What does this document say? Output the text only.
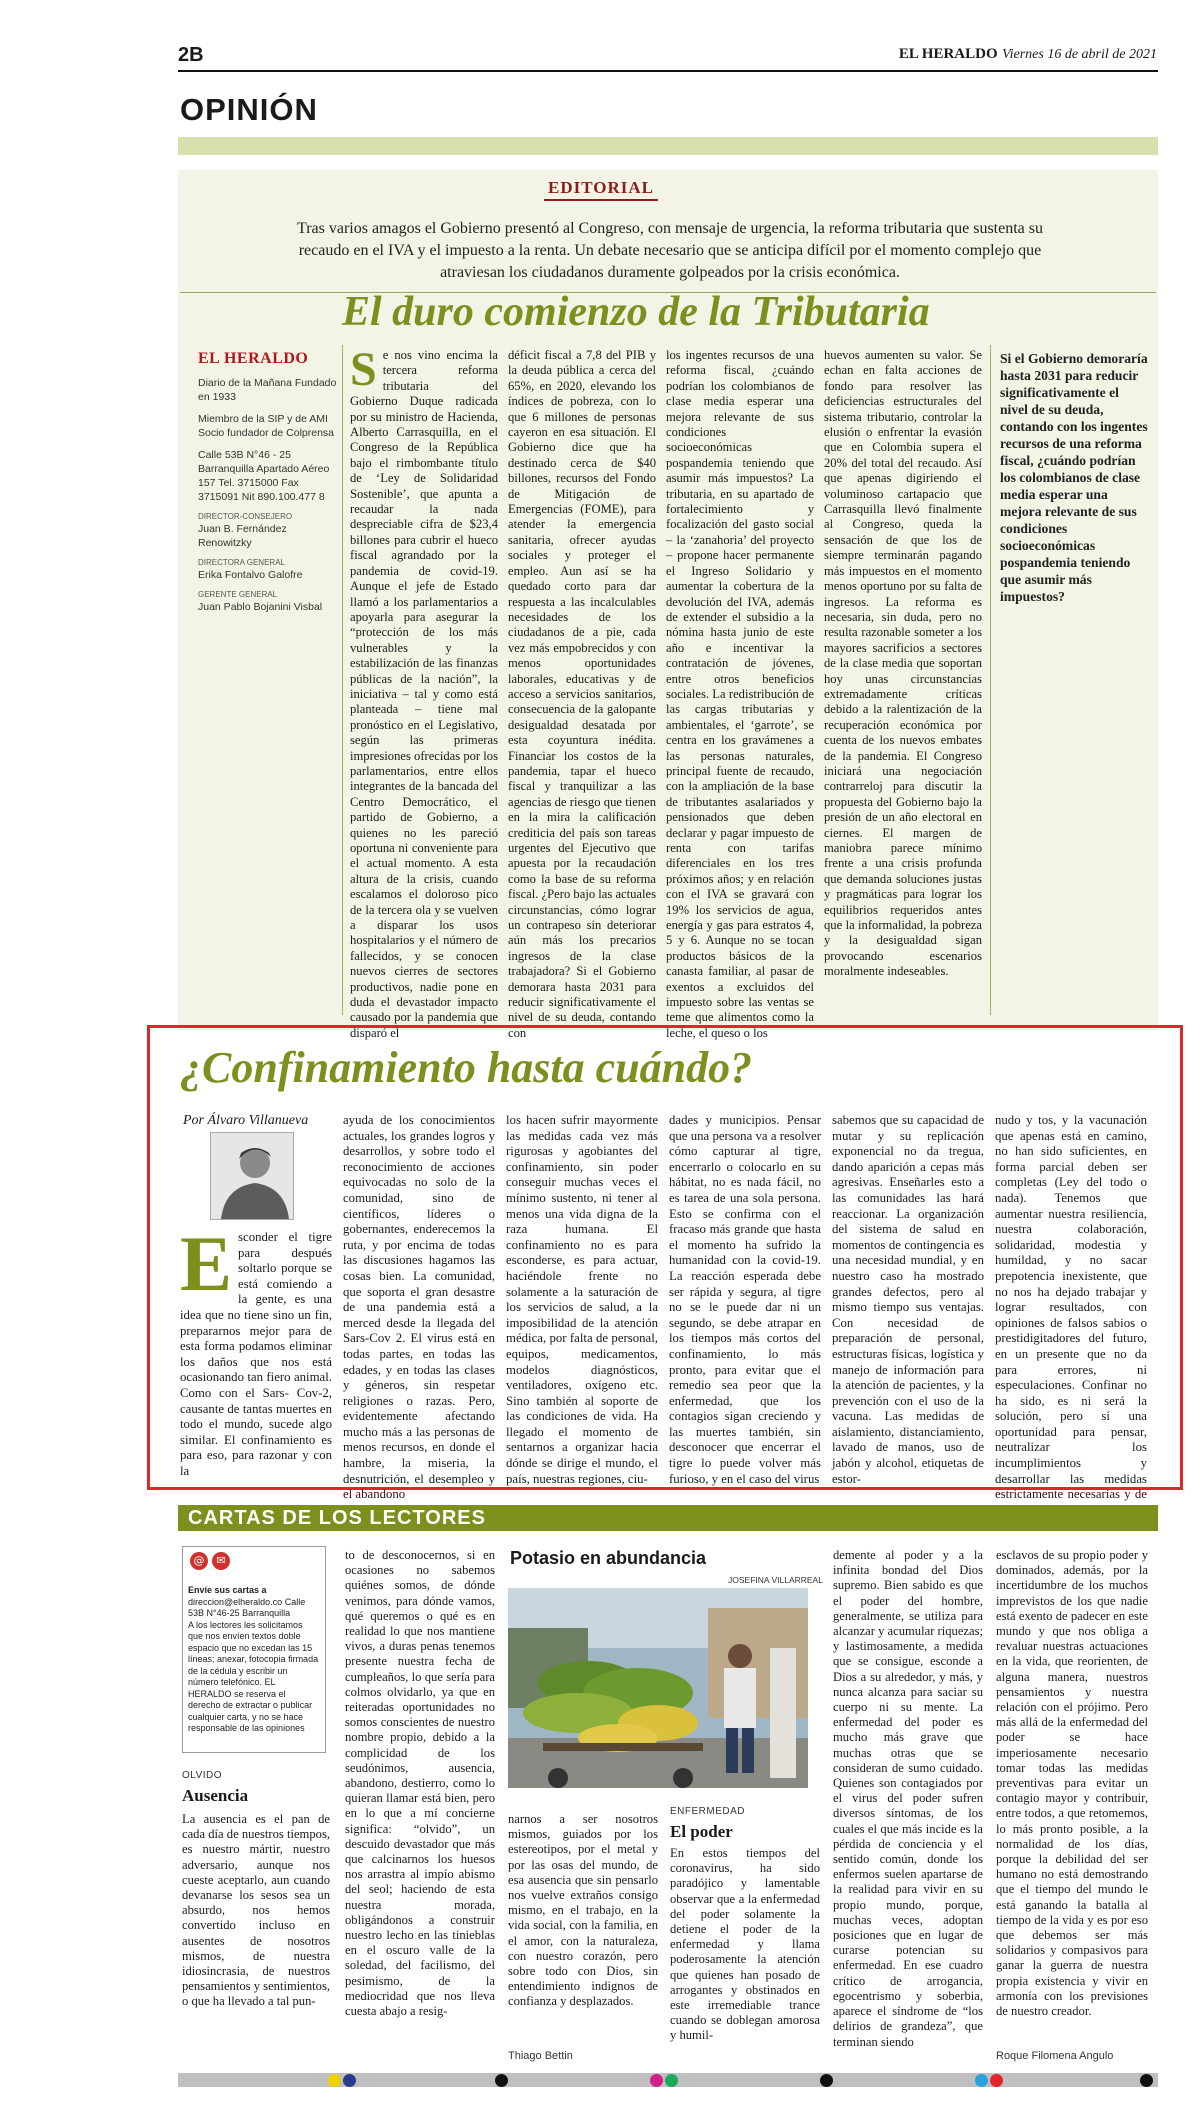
2B	EL HERALDO Viernes 16 de abril de 2021
OPINIÓN
EDITORIAL
Tras varios amagos el Gobierno presentó al Congreso, con mensaje de urgencia, la reforma tributaria que sustenta su recaudo en el IVA y el impuesto a la renta. Un debate necesario que se anticipa difícil por el momento complejo que atraviesan los ciudadanos duramente golpeados por la crisis económica.
El duro comienzo de la Tributaria
EL HERALDO

Diario de la Mañana Fundado en 1933

Miembro de la SIP y de AMI Socio fundador de Colprensa

Calle 53B N°46 - 25 Barranquilla Apartado Aéreo 157 Tel. 3715000 Fax 3715091 Nit 890.100.477 8

DIRECTOR-CONSEJERO

Juan B. Fernández Renowitzky

DIRECTORA GENERAL

Erika Fontalvo Galofre

GERENTE GENERAL

Juan Pablo Bojanini Visbal

Se nos vino encima la tercera reforma tributaria del Gobierno Duque radicada por su ministro de Hacienda, Alberto Carrasquilla, en el Congreso de la República bajo el rimbombante título de ‘Ley de Solidaridad Sostenible’, que apunta a recaudar la nada despreciable cifra de $23,4 billones para cubrir el hueco fiscal agrandado por la pandemia de covid-19. Aunque el jefe de Estado llamó a los parlamentarios a apoyarla para asegurar la “protección de los más vulnerables y la estabilización de las finanzas públicas de la nación”, la iniciativa – tal y como está planteada – tiene mal pronóstico en el Legislativo, según las primeras impresiones ofrecidas por los parlamentarios, entre ellos integrantes de la bancada del Centro Democrático, el partido de Gobierno, a quienes no les pareció oportuna ni conveniente para el actual momento. A esta altura de la crisis, cuando escalamos el doloroso pico de la tercera ola y se vuelven a disparar los usos hospitalarios y el número de fallecidos, y se conocen nuevos cierres de sectores productivos, nadie pone en duda el devastador impacto causado por la pandemia que disparó el
déficit fiscal a 7,8 del PIB y la deuda pública a cerca del 65%, en 2020, elevando los índices de pobreza, con lo que 6 millones de personas cayeron en esa situación. El Gobierno dice que ha destinado cerca de $40 billones, recursos del Fondo de Mitigación de Emergencias (FOME), para atender la emergencia sanitaria, ofrecer ayudas sociales y proteger el empleo. Aun así se ha quedado corto para dar respuesta a las incalculables necesidades de los ciudadanos de a pie, cada vez más empobrecidos y con menos oportunidades laborales, educativas y de acceso a servicios sanitarios, consecuencia de la galopante desigualdad desatada por esta coyuntura inédita. Financiar los costos de la pandemia, tapar el hueco fiscal y tranquilizar a las agencias de riesgo que tienen en la mira la calificación crediticia del país son tareas urgentes del Ejecutivo que apuesta por la recaudación como la base de su reforma fiscal. ¿Pero bajo las actuales circunstancias, cómo lograr un contrapeso sin deteriorar aún más los precarios ingresos de la clase trabajadora? Si el Gobierno demorara hasta 2031 para reducir significativamente el nivel de su deuda, contando con
los ingentes recursos de una reforma fiscal, ¿cuándo podrían los colombianos de clase media esperar una mejora relevante de sus condiciones socioeconómicas pospandemia teniendo que asumir más impuestos? La tributaria, en su apartado de fortalecimiento y focalización del gasto social – la ‘zanahoria’ del proyecto – propone hacer permanente el Ingreso Solidario y aumentar la cobertura de la devolución del IVA, además de extender el subsidio a la nómina hasta junio de este año e incentivar la contratación de jóvenes, entre otros beneficios sociales. La redistribución de las cargas tributarias y ambientales, el ‘garrote’, se centra en los gravámenes a las personas naturales, principal fuente de recaudo, con la ampliación de la base de tributantes asalariados y pensionados que deben declarar y pagar impuesto de renta con tarifas diferenciales en los tres próximos años; y en relación con el IVA se gravará con 19% los servicios de agua, energía y gas para estratos 4, 5 y 6. Aunque no se tocan productos básicos de la canasta familiar, al pasar de exentos a excluidos del impuesto sobre las ventas se teme que alimentos como la leche, el queso o los
huevos aumenten su valor. Se echan en falta acciones de fondo para resolver las deficiencias estructurales del sistema tributario, controlar la elusión o enfrentar la evasión que en Colombia supera el 20% del total del recaudo. Así que apenas digiriendo el voluminoso cartapacio que Carrasquilla llevó finalmente al Congreso, queda la sensación de que los de siempre terminarán pagando más impuestos en el momento menos oportuno por su falta de ingresos. La reforma es necesaria, sin duda, pero no resulta razonable someter a los mayores sacrificios a sectores de la clase media que soportan hoy unas circunstancias extremadamente críticas debido a la ralentización de la recuperación económica por cuenta de los nuevos embates de la pandemia. El Congreso iniciará una negociación contrarreloj para discutir la propuesta del Gobierno bajo la presión de un año electoral en ciernes. El margen de maniobra parece mínimo frente a una crisis profunda que demanda soluciones justas y pragmáticas para lograr los equilibrios requeridos antes que la informalidad, la pobreza y la desigualdad sigan provocando escenarios moralmente indeseables.
Si el Gobierno demoraría hasta 2031 para reducir significativamente el nivel de su deuda, contando con los ingentes recursos de una reforma fiscal, ¿cuándo podrían los colombianos de clase media esperar una mejora relevante de sus condiciones socioeconómicas pospandemia teniendo que asumir más impuestos?
¿Confinamiento hasta cuándo?
Por Álvaro Villanueva
Esconder el tigre para después soltarlo porque se está comiendo a la gente, es una idea que no tiene sino un fin, prepararnos mejor para de esta forma podamos eliminar los daños que nos está ocasionando tan fiero animal. Como con el Sars- Cov-2, causante de tantas muertes en todo el mundo, sucede algo similar. El confinamiento es para eso, para razonar y con la
ayuda de los conocimientos actuales, los grandes logros y desarrollos, y sobre todo el reconocimiento de acciones equivocadas no solo de la comunidad, sino de científicos, líderes o gobernantes, enderecemos la ruta, y por encima de todas las discusiones hagamos las cosas bien. La comunidad, que soporta el gran desastre de una pandemia está a merced desde la llegada del Sars-Cov 2. El virus está en todas partes, en todas las edades, y en todas las clases y géneros, sin respetar religiones o razas. Pero, evidentemente afectando mucho más a las personas de menos recursos, en donde el hambre, la miseria, la desnutrición, el desempleo y el abandono
los hacen sufrir mayormente las medidas cada vez más rigurosas y agobiantes del confinamiento, sin poder conseguir muchas veces el mínimo sustento, ni tener al menos una vida digna de la raza humana. El confinamiento no es para esconderse, es para actuar, haciéndole frente no solamente a la saturación de los servicios de salud, a la imposibilidad de la atención médica, por falta de personal, equipos, medicamentos, modelos diagnósticos, ventiladores, oxígeno etc. Sino también al soporte de las condiciones de vida. Ha llegado el momento de sentarnos a organizar hacia dónde se dirige el mundo, el país, nuestras regiones, ciu-
dades y municipios. Pensar que una persona va a resolver cómo capturar al tigre, encerrarlo o colocarlo en su hábitat, no es nada fácil, no es tarea de una sola persona. Esto se confirma con el fracaso más grande que hasta el momento ha sufrido la humanidad con la covid-19. La reacción esperada debe ser rápida y segura, al tigre no se le puede dar ni un segundo, se debe atrapar en los tiempos más cortos del confinamiento, lo más pronto, para evitar que el remedio sea peor que la enfermedad, que los contagios sigan creciendo y las muertes también, sin desconocer que encerrar el tigre lo puede volver más furioso, y en el caso del virus
sabemos que su capacidad de mutar y su replicación exponencial no da tregua, dando aparición a cepas más agresivas. Enseñarles esto a las comunidades las hará reaccionar. La organización del sistema de salud en momentos de contingencia es una necesidad mundial, y en nuestro caso ha mostrado grandes defectos, pero al mismo tiempo sus ventajas. Con necesidad de preparación de personal, estructuras físicas, logística y manejo de información para la atención de pacientes, y la prevención con el uso de la vacuna. Las medidas de aislamiento, distanciamiento, lavado de manos, uso de jabón y alcohol, etiquetas de estor-
nudo y tos, y la vacunación que apenas está en camino, no han sido suficientes, en forma parcial deben ser completas (Ley del todo o nada). Tenemos que aumentar nuestra resiliencia, nuestra colaboración, solidaridad, modestia y humildad, y no sacar prepotencia inexistente, que no nos ha dejado trabajar y lograr resultados, con opiniones de falsos sabios o prestidigitadores del futuro, en un presente que no da para errores, ni especulaciones. Confinar no ha sido, es ni será la solución, pero sí una oportunidad para pensar, neutralizar los incumplimientos y desarrollar las medidas estrictamente necesarias y de
CARTAS DE LOS LECTORES
@	✉
Envíe sus cartas a
direccion@elheraldo.co Calle 53B N°46-25 Barranquilla
A los lectores les solicitamos que nos envíen textos doble espacio que no excedan las 15 líneas; anexar, fotocopia firmada de la cédula y escribir un número telefónico. EL HERALDO se reserva el derecho de extractar o publicar cualquier carta, y no se hace responsable de las opiniones
OLVIDO
Ausencia
La ausencia es el pan de cada día de nuestros tiempos, es nuestro mártir, nuestro adversario, aunque nos cueste aceptarlo, aun cuando devanarse los sesos sea un absurdo, nos hemos convertido incluso en ausentes de nosotros mismos, de nuestra idiosincrasia, de nuestros pensamientos y sentimientos, o que ha llevado a tal pun-
to de desconocernos, si en ocasiones no sabemos quiénes somos, de dónde venimos, para dónde vamos, qué queremos o qué es en realidad lo que nos mantiene vivos, a duras penas tenemos presente nuestra fecha de cumpleaños, lo que sería para colmos olvidarlo, ya que en reiteradas oportunidades no somos conscientes de nuestro nombre propio, debido a la complicidad de los seudónimos, ausencia, abandono, destierro, como lo quieran llamar está bien, pero en lo que a mí concierne significa: “olvido”, un descuido devastador que más que calcinarnos los huesos nos arrastra al impío abismo del seol; haciendo de esta nuestra morada, obligándonos a construir nuestro lecho en las tinieblas en el oscuro valle de la soledad, del facilismo, del pesimismo, de la mediocridad que nos lleva cuesta abajo a resig-
narnos a ser nosotros mismos, guiados por los estereotipos, por el metal y por las osas del mundo, de esa ausencia que sin pensarlo nos vuelve extraños consigo mismo, en el trabajo, en la vida social, con la familia, en el amor, con la naturaleza, con nuestro corazón, pero sobre todo con Dios, sin entendimiento indignos de confianza y desplazados.
Thiago Bettin
Potasio en abundancia
JOSEFINA VILLARREAL
ENFERMEDAD
El poder
En estos tiempos del coronavirus, ha sido paradójico y lamentable observar que a la enfermedad del poder solamente la detiene el poder de la enfermedad y llama poderosamente la atención que quienes han posado de arrogantes y obstinados en este irremediable trance cuando se doblegan amorosa y humil-
demente al poder y a la infinita bondad del Dios supremo. Bien sabido es que el poder del hombre, generalmente, se utiliza para alcanzar y acumular riquezas; y lastimosamente, a medida que se consigue, esconde a Dios a su alrededor, y más, y nunca alcanza para saciar su cuerpo ni su mente. La enfermedad del poder es mucho más grave que muchas otras que se consideran de sumo cuidado. Quienes son contagiados por el virus del poder sufren diversos síntomas, de los cuales el que más incide es la pérdida de conciencia y el sentido común, donde los enfermos suelen apartarse de la realidad para vivir en su propio mundo, porque, muchas veces, adoptan posiciones que en lugar de curarse potencian su enfermedad. En ese cuadro crítico de arrogancia, egocentrismo y soberbia, aparece el síndrome de “los delirios de grandeza”, que terminan siendo
esclavos de su propio poder y dominados, además, por la incertidumbre de los muchos imprevistos de los que nadie está exento de padecer en este mundo y que nos obliga a revaluar nuestras actuaciones en la vida, que reorienten, de alguna manera, nuestros pensamientos y nuestra relación con el prójimo. Pero más allá de la enfermedad del poder se hace imperiosamente necesario tomar todas las medidas preventivas para evitar un contagio mayor y contribuir, entre todos, a que retomemos, lo más pronto posible, a la normalidad de los días, porque la debilidad del ser humano no está demostrando que el tiempo del mundo le está ganando la batalla al tiempo de la vida y es por eso que debemos ser más solidarios y compasivos para ganar la guerra de nuestra propia existencia y vivir en armonía con los previsiones de nuestro creador.
Roque Filomena Angulo
